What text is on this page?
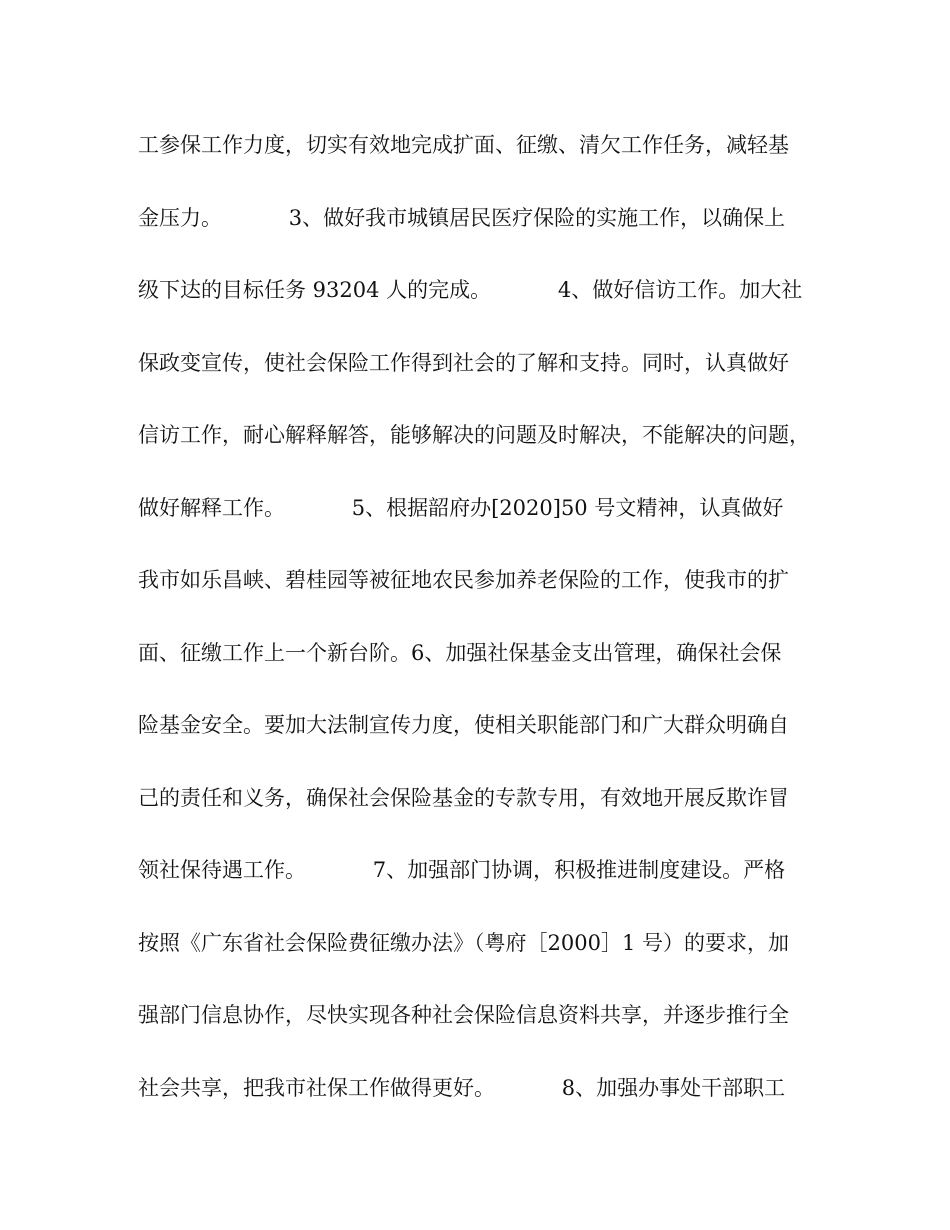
工参保工作力度，切实有效地完成扩面、征缴、清欠工作任务，减轻基
金压力。          3、做好我市城镇居民医疗保险的实施工作，以确保上
级下达的目标任务 93204 人的完成。          4、做好信访工作。加大社
保政变宣传，使社会保险工作得到社会的了解和支持。同时，认真做好
信访工作，耐心解释解答，能够解决的问题及时解决，不能解决的问题，
做好解释工作。          5、根据韶府办[2020]50 号文精神，认真做好
我市如乐昌峡、碧桂园等被征地农民参加养老保险的工作，使我市的扩
面、征缴工作上一个新台阶。6、加强社保基金支出管理，确保社会保
险基金安全。要加大法制宣传力度，使相关职能部门和广大群众明确自
己的责任和义务，确保社会保险基金的专款专用，有效地开展反欺诈冒
领社保待遇工作。          7、加强部门协调，积极推进制度建设。严格
按照《广东省社会保险费征缴办法》（粤府［2000］1 号）的要求，加
强部门信息协作，尽快实现各种社会保险信息资料共享，并逐步推行全
社会共享，把我市社保工作做得更好。          8、加强办事处干部职工
